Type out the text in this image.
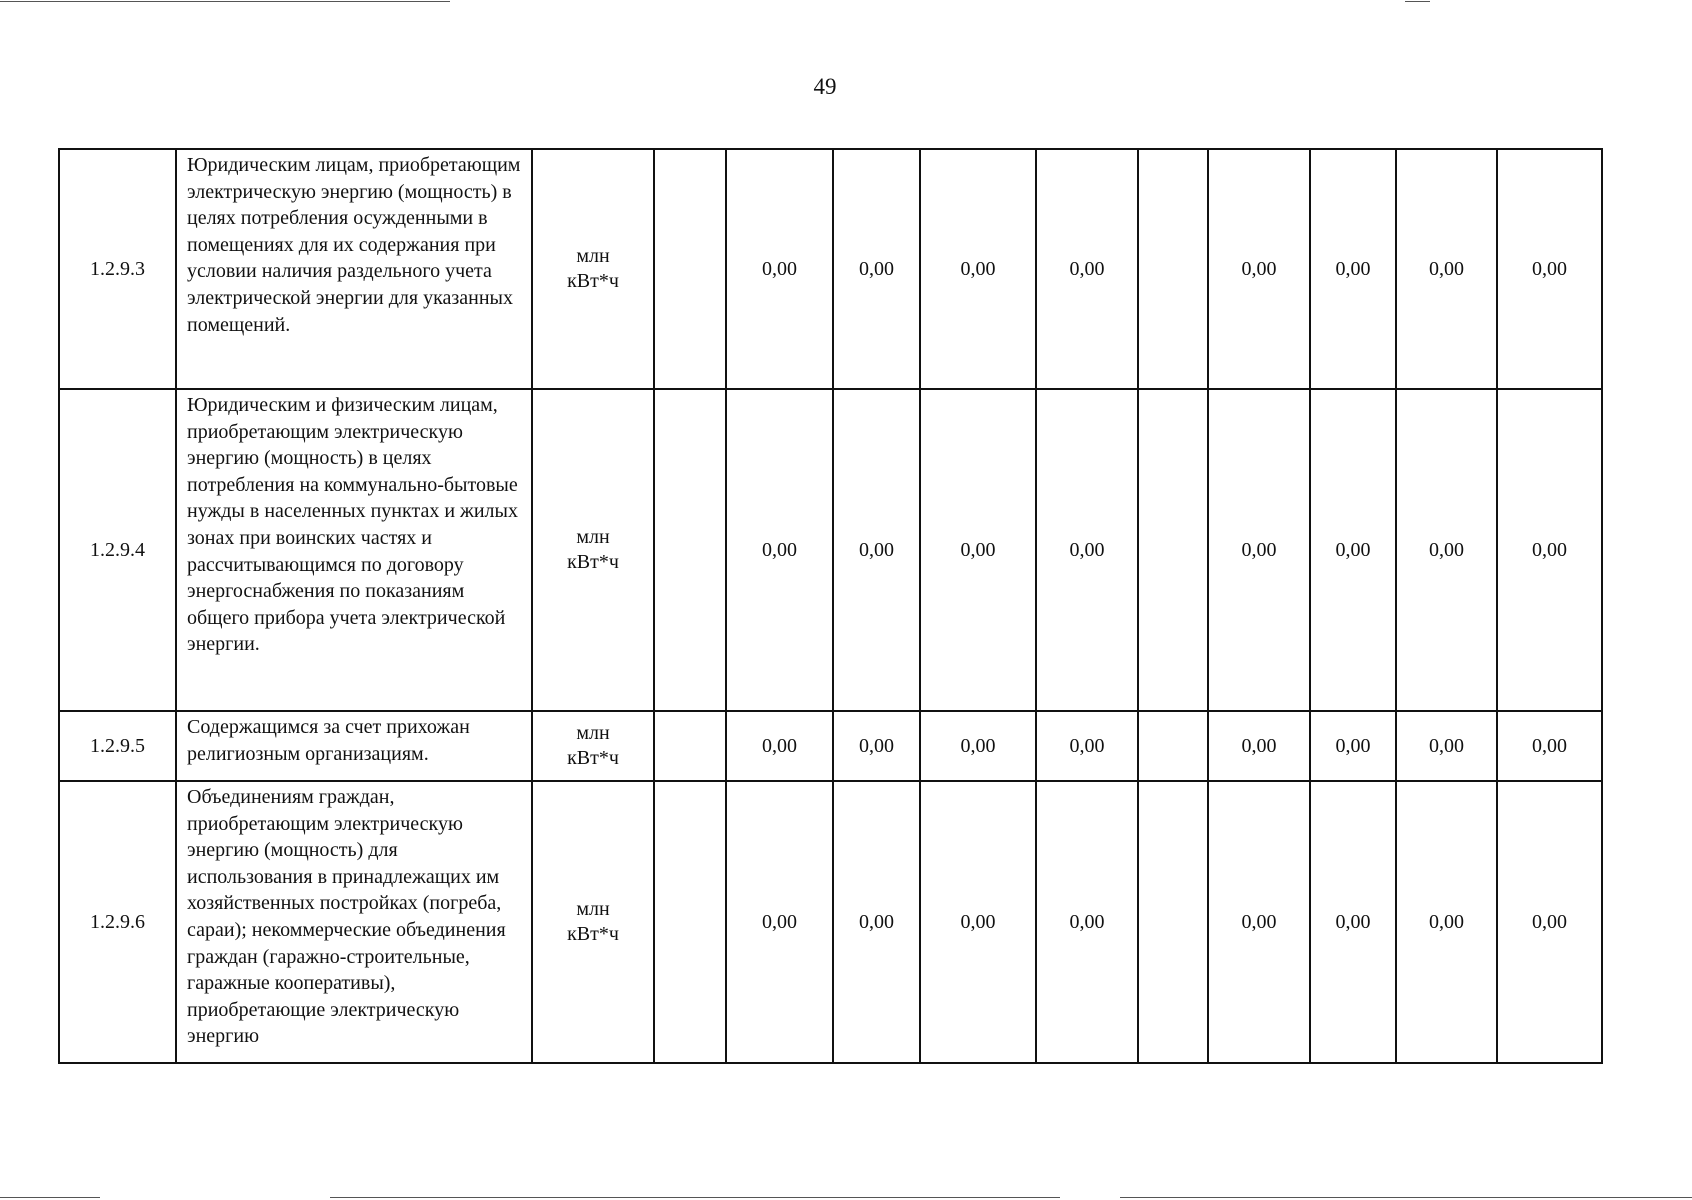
49
1.2.9.3	Юридическим лицам, приобретающим электрическую энергию (мощность) в целях потребления осужденными в помещениях для их содержания при условии наличия раздельного учета электрической энергии для указанных помещений.	млн
кВт*ч		0,00	0,00	0,00	0,00		0,00	0,00	0,00	0,00
1.2.9.4	Юридическим и физическим лицам, приобретающим электрическую энергию (мощность) в целях потребления на коммунально-бытовые нужды в населенных пунктах и жилых зонах при воинских частях и рассчитывающимся по договору энергоснабжения по показаниям общего прибора учета электрической энергии.	млн
кВт*ч		0,00	0,00	0,00	0,00		0,00	0,00	0,00	0,00
1.2.9.5	Содержащимся за счет прихожан религиозным организациям.	млн
кВт*ч		0,00	0,00	0,00	0,00		0,00	0,00	0,00	0,00
1.2.9.6	Объединениям граждан, приобретающим электрическую энергию (мощность) для использования в принадлежащих им хозяйственных постройках (погреба, сараи); некоммерческие объединения граждан (гаражно-строительные, гаражные кооперативы), приобретающие электрическую энергию	млн
кВт*ч		0,00	0,00	0,00	0,00		0,00	0,00	0,00	0,00
